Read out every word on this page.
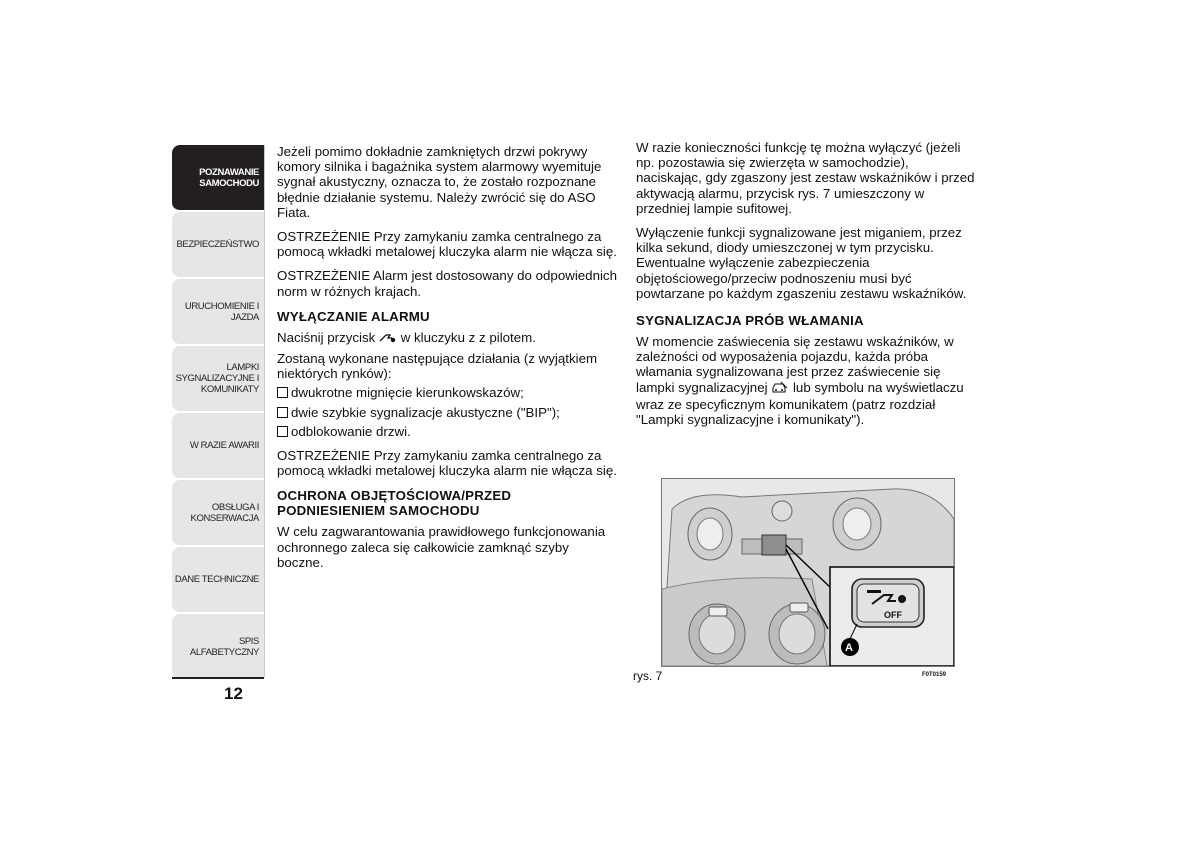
POZNAWANIE
SAMOCHODU
BEZPIECZEŃSTWO
URUCHOMIENIE I
JAZDA
LAMPKI
SYGNALIZACYJNE I
KOMUNIKATY
W RAZIE AWARII
OBSŁUGA I
KONSERWACJA
DANE TECHNICZNE
SPIS ALFABETYCZNY
12

Jeżeli pomimo dokładnie zamkniętych drzwi pokrywy komory silnika i bagażnika system alarmowy wyemituje sygnał akustyczny, oznacza to, że zostało rozpoznane błędnie działanie systemu. Należy zwrócić się do ASO Fiata.

OSTRZEŻENIE Przy zamykaniu zamka centralnego za pomocą wkładki metalowej kluczyka alarm nie włącza się.

OSTRZEŻENIE Alarm jest dostosowany do odpowiednich norm w różnych krajach.

WYŁĄCZANIE ALARMU

Naciśnij przycisk w kluczyku z z pilotem.

Zostaną wykonane następujące działania (z wyjątkiem niektórych rynków):

dwukrotne mignięcie kierunkowskazów;

dwie szybkie sygnalizacje akustyczne ("BIP");

odblokowanie drzwi.

OSTRZEŻENIE Przy zamykaniu zamka centralnego za pomocą wkładki metalowej kluczyka alarm nie włącza się.

OCHRONA OBJĘTOŚCIOWA/PRZED PODNIESIENIEM SAMOCHODU

W celu zagwarantowania prawidłowego funkcjonowania ochronnego zaleca się całkowicie zamknąć szyby boczne.

W razie konieczności funkcję tę można wyłączyć (jeżeli np. pozostawia się zwierzęta w samochodzie), naciskając, gdy zgaszony jest zestaw wskaźników i przed aktywacją alarmu, przycisk rys. 7 umieszczony w przedniej lampie sufitowej.

Wyłączenie funkcji sygnalizowane jest miganiem, przez kilka sekund, diody umieszczonej w tym przycisku. Ewentualne wyłączenie zabezpieczenia objętościowego/przeciw podnoszeniu musi być powtarzane po każdym zgaszeniu zestawu wskaźników.

SYGNALIZACJA PRÓB WŁAMANIA

W momencie zaświecenia się zestawu wskaźników, w zależności od wyposażenia pojazdu, każda próba włamania sygnalizowana jest przez zaświecenie się lampki sygnalizacyjnej lub symbolu na wyświetlaczu wraz ze specyficznym komunikatem (patrz rozdział "Lampki sygnalizacyjne i komunikaty").

OFF
A
rys. 7	F0T0159
